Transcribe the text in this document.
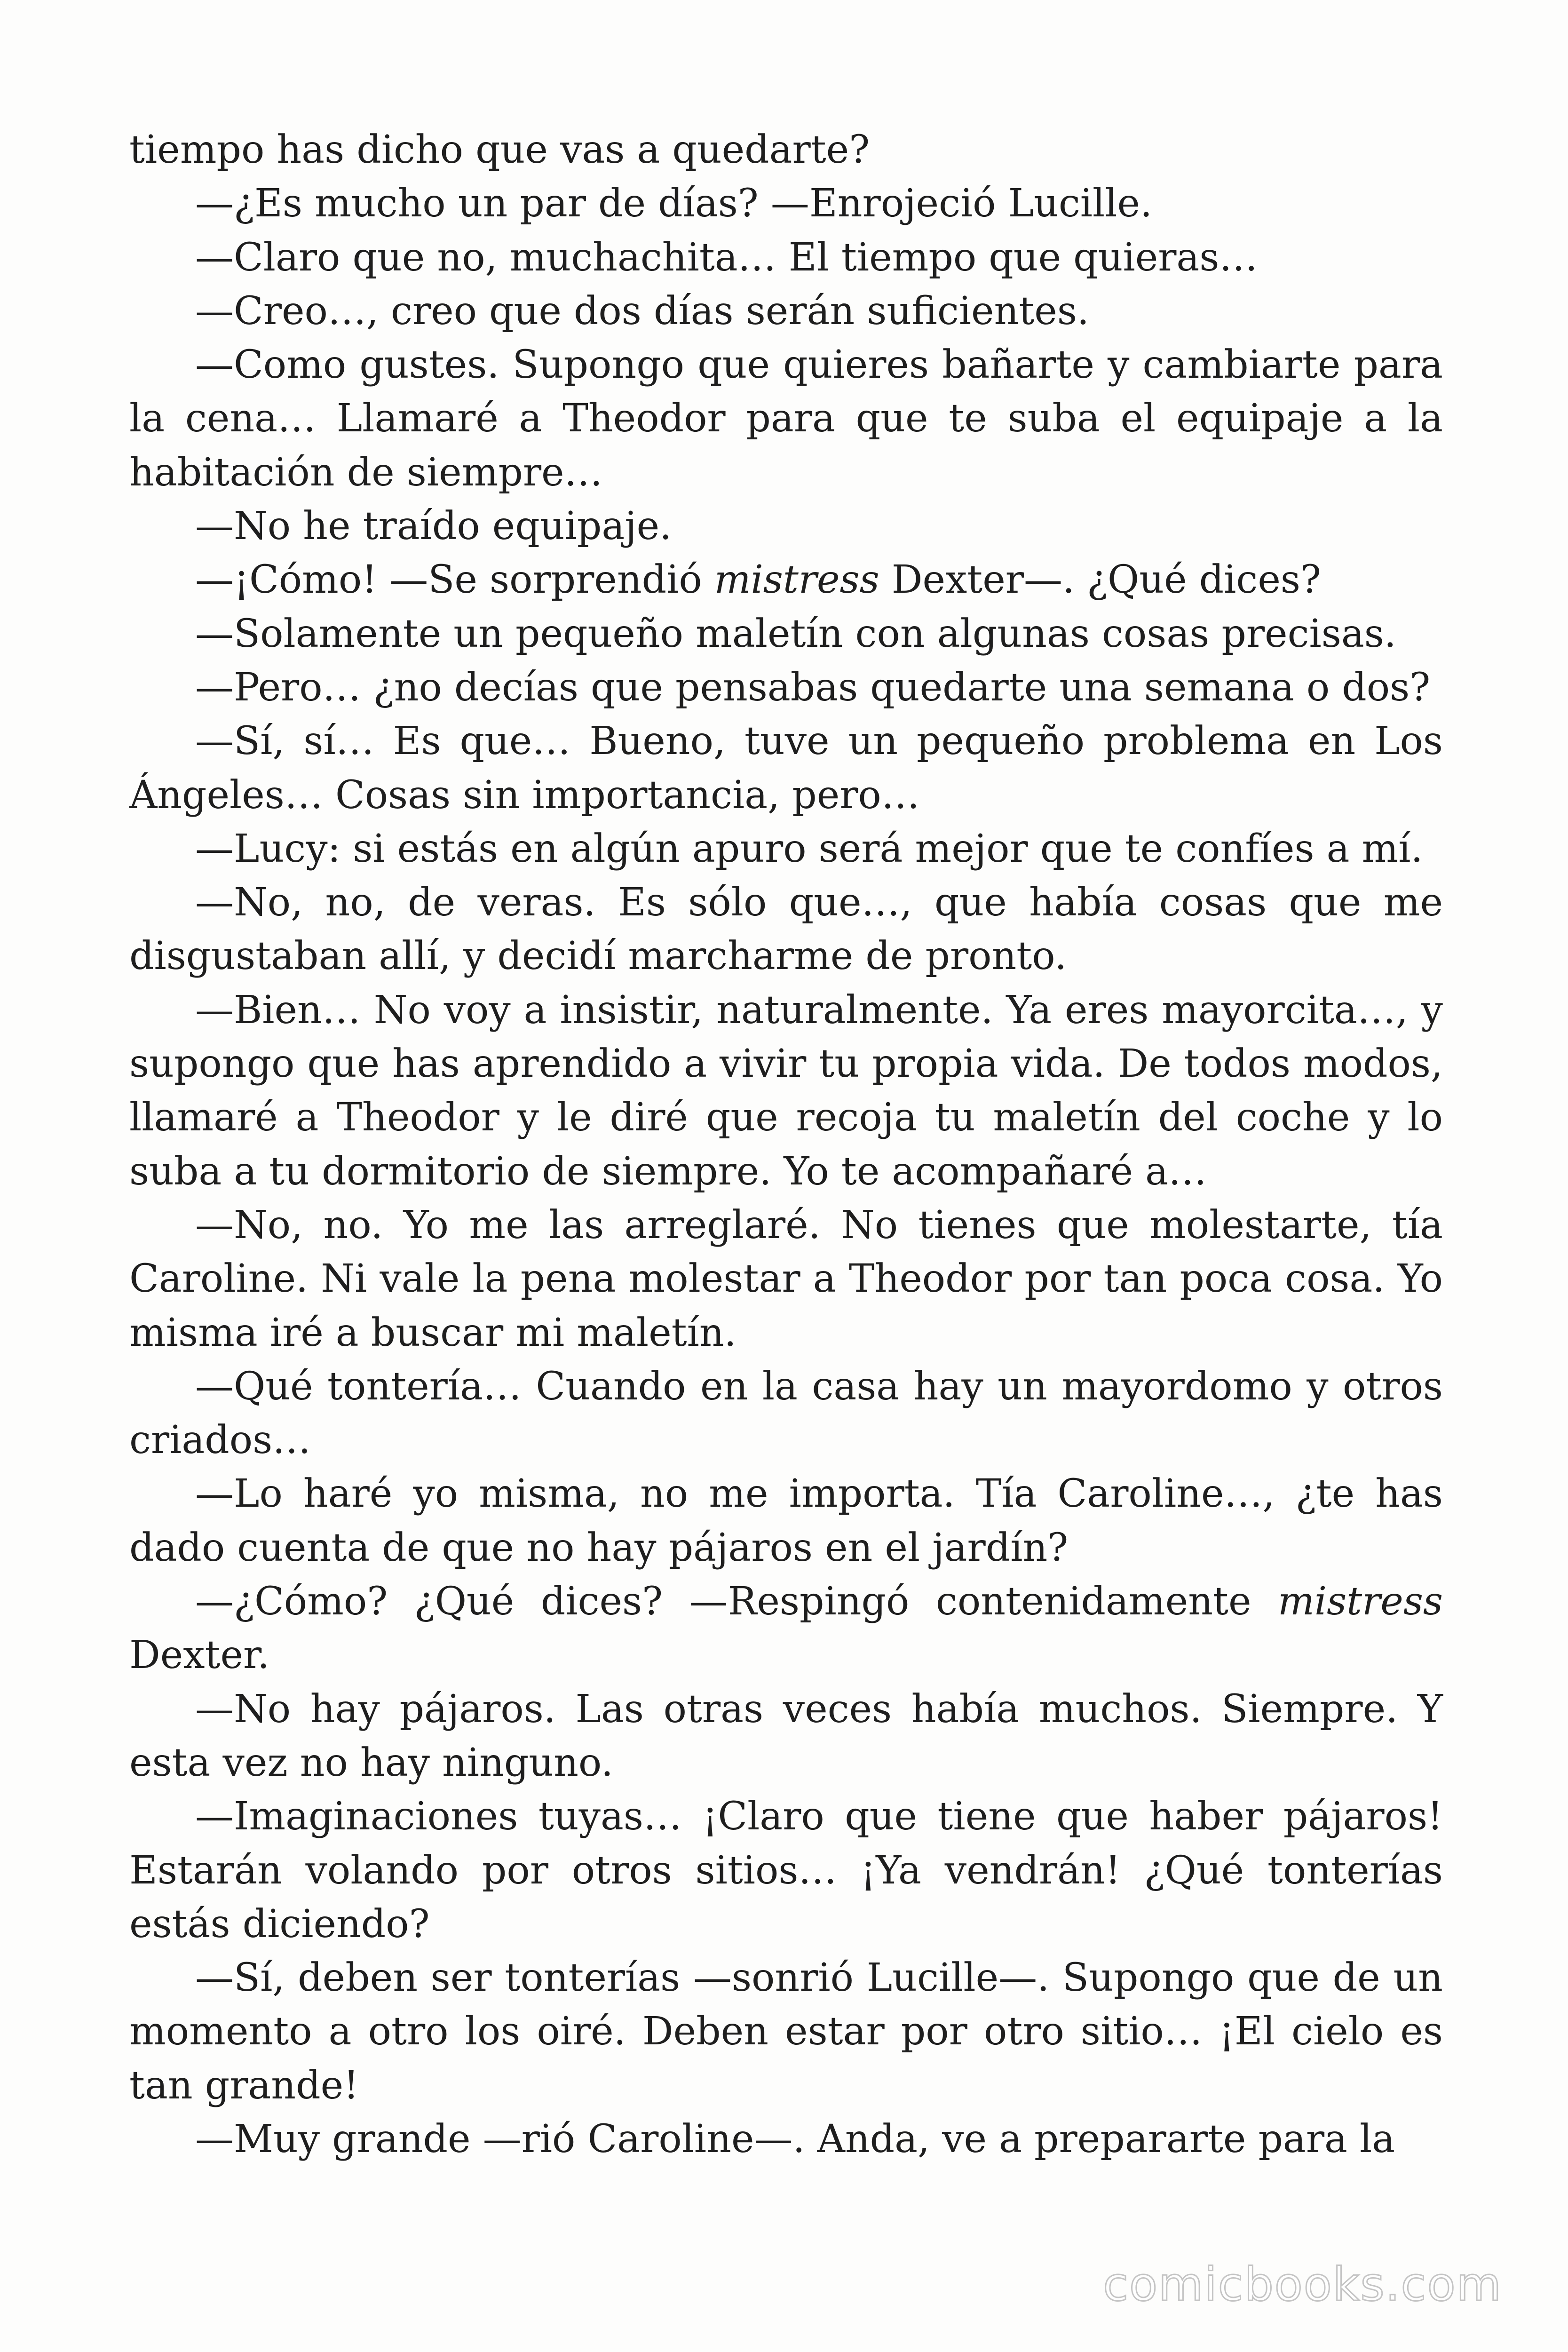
tiempo has dicho que vas a quedarte?

—¿Es mucho un par de días? —Enrojeció Lucille.

—Claro que no, muchachita… El tiempo que quieras…

—Creo…, creo que dos días serán suficientes.

—Como gustes. Supongo que quieres bañarte y cambiarte para la cena… Llamaré a Theodor para que te suba el equipaje a la habitación de siempre…

—No he traído equipaje.

—¡Cómo! —Se sorprendió mistress Dexter—. ¿Qué dices?

—Solamente un pequeño maletín con algunas cosas precisas.

—Pero… ¿no decías que pensabas quedarte una semana o dos?

—Sí, sí… Es que… Bueno, tuve un pequeño problema en Los Ángeles… Cosas sin importancia, pero…

—Lucy: si estás en algún apuro será mejor que te confíes a mí.

—No, no, de veras. Es sólo que…, que había cosas que me disgustaban allí, y decidí marcharme de pronto.

—Bien… No voy a insistir, naturalmente. Ya eres mayorcita…, y supongo que has aprendido a vivir tu propia vida. De todos modos, llamaré a Theodor y le diré que recoja tu maletín del coche y lo suba a tu dormitorio de siempre. Yo te acompañaré a…

—No, no. Yo me las arreglaré. No tienes que molestarte, tía Caroline. Ni vale la pena molestar a Theodor por tan poca cosa. Yo misma iré a buscar mi maletín.

—Qué tontería… Cuando en la casa hay un mayordomo y otros criados…

—Lo haré yo misma, no me importa. Tía Caroline…, ¿te has dado cuenta de que no hay pájaros en el jardín?

—¿Cómo? ¿Qué dices? —Respingó contenidamente mistress Dexter.

—No hay pájaros. Las otras veces había muchos. Siempre. Y esta vez no hay ninguno.

—Imaginaciones tuyas… ¡Claro que tiene que haber pájaros! Estarán volando por otros sitios… ¡Ya vendrán! ¿Qué tonterías estás diciendo?

—Sí, deben ser tonterías —sonrió Lucille—. Supongo que de un momento a otro los oiré. Deben estar por otro sitio… ¡El cielo es tan grande!

—Muy grande —rió Caroline—. Anda, ve a prepararte para la

comicbooks.com
